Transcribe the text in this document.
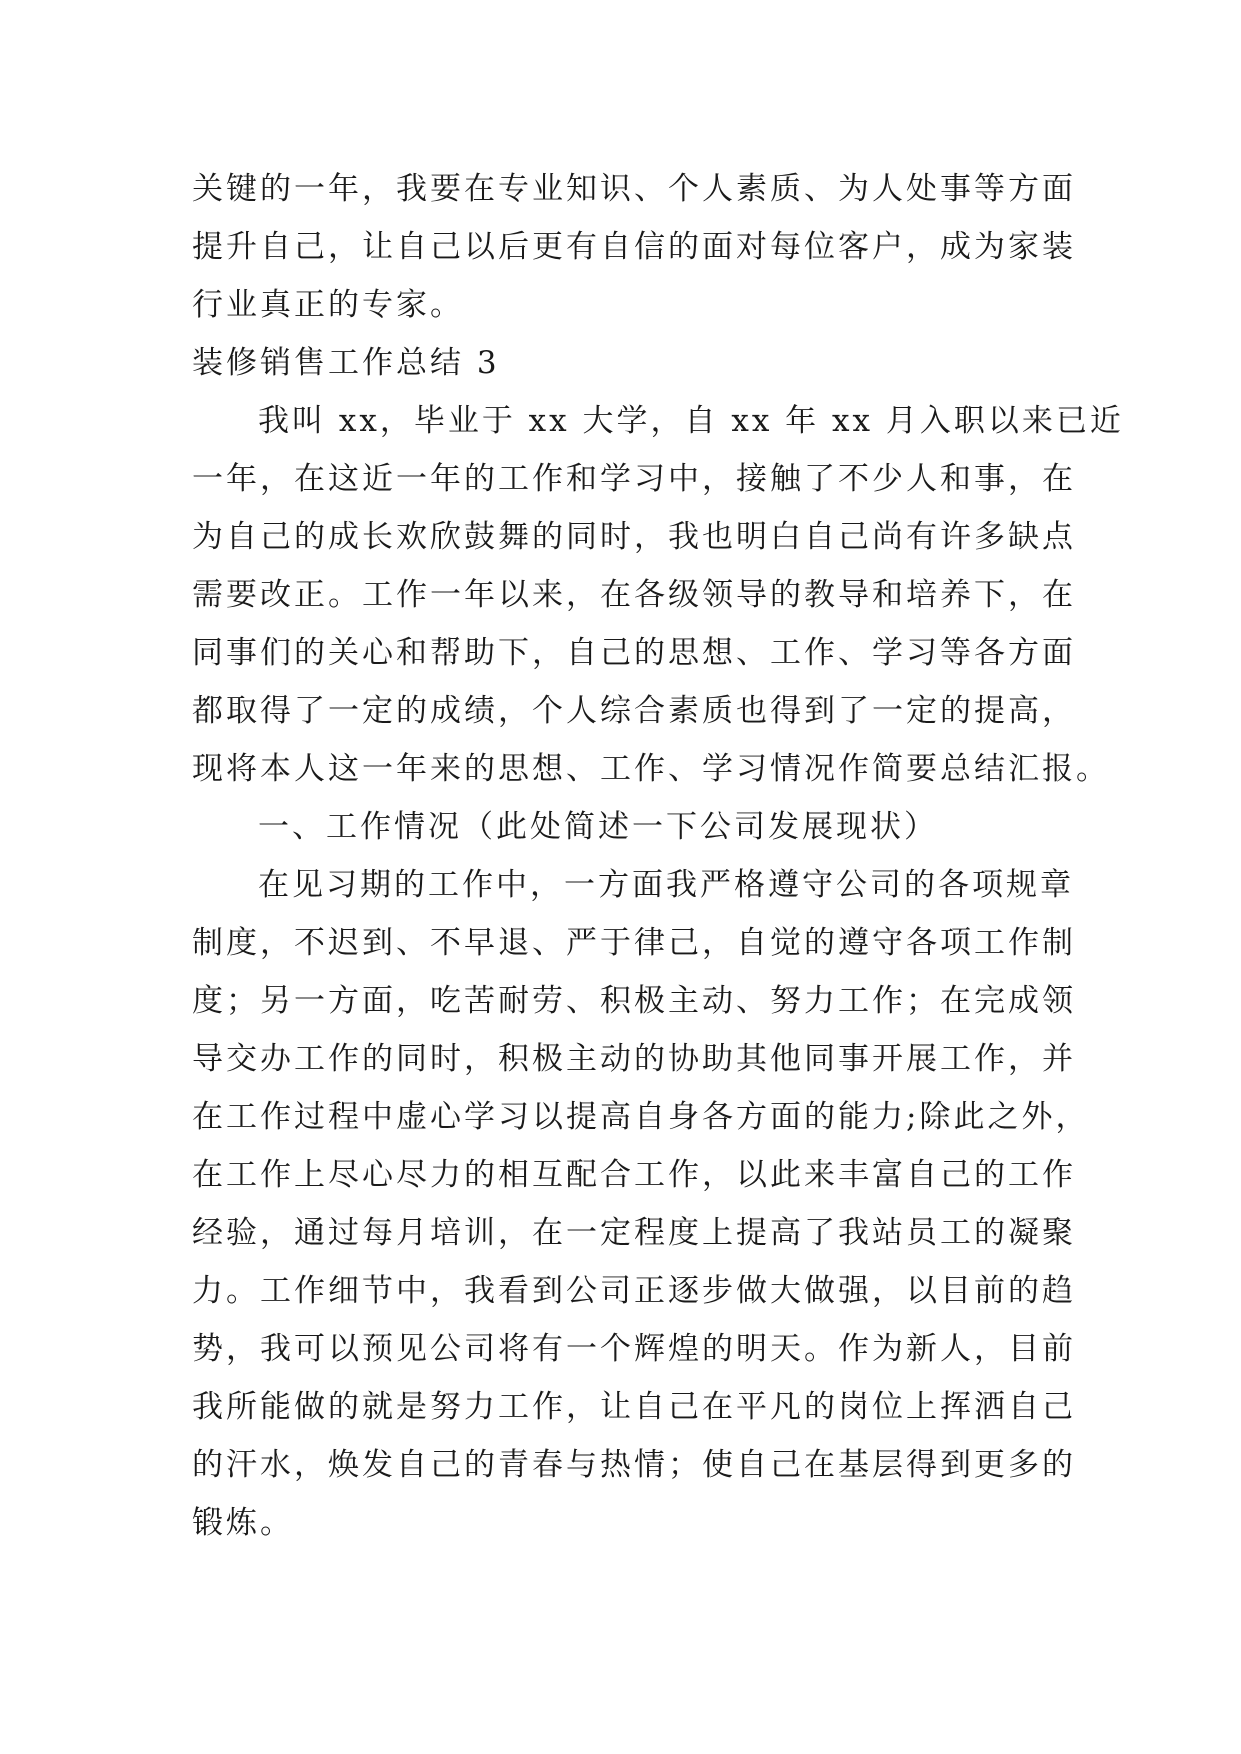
关键的一年，我要在专业知识、个人素质、为人处事等方面
提升自己，让自己以后更有自信的面对每位客户，成为家装
行业真正的专家。
装修销售工作总结 3
我叫 xx，毕业于 xx 大学，自 xx 年 xx 月入职以来已近
一年，在这近一年的工作和学习中，接触了不少人和事，在
为自己的成长欢欣鼓舞的同时，我也明白自己尚有许多缺点
需要改正。工作一年以来，在各级领导的教导和培养下，在
同事们的关心和帮助下，自己的思想、工作、学习等各方面
都取得了一定的成绩，个人综合素质也得到了一定的提高，
现将本人这一年来的思想、工作、学习情况作简要总结汇报。
一、工作情况（此处简述一下公司发展现状）
在见习期的工作中，一方面我严格遵守公司的各项规章
制度，不迟到、不早退、严于律己，自觉的遵守各项工作制
度；另一方面，吃苦耐劳、积极主动、努力工作；在完成领
导交办工作的同时，积极主动的协助其他同事开展工作，并
在工作过程中虚心学习以提高自身各方面的能力;除此之外，
在工作上尽心尽力的相互配合工作，以此来丰富自己的工作
经验，通过每月培训，在一定程度上提高了我站员工的凝聚
力。工作细节中，我看到公司正逐步做大做强，以目前的趋
势，我可以预见公司将有一个辉煌的明天。作为新人，目前
我所能做的就是努力工作，让自己在平凡的岗位上挥洒自己
的汗水，焕发自己的青春与热情；使自己在基层得到更多的
锻炼。
